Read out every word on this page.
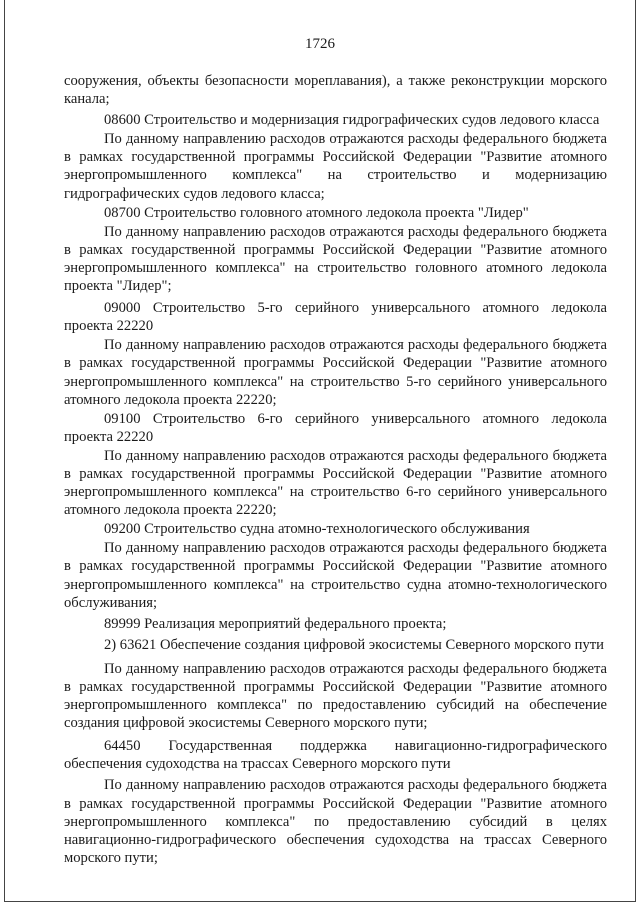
1726

сооружения, объекты безопасности мореплавания), а также реконструкции морского канала;

08600 Строительство и модернизация гидрографических судов ледового класса

По данному направлению расходов отражаются расходы федерального бюджета в рамках государственной программы Российской Федерации "Развитие атомного энергопромышленного комплекса" на строительство и модернизацию гидрографических судов ледового класса;

08700 Строительство головного атомного ледокола проекта "Лидер"

По данному направлению расходов отражаются расходы федерального бюджета в рамках государственной программы Российской Федерации "Развитие атомного энергопромышленного комплекса" на строительство головного атомного ледокола проекта "Лидер";

09000 Строительство 5-го серийного универсального атомного ледокола проекта 22220

По данному направлению расходов отражаются расходы федерального бюджета в рамках государственной программы Российской Федерации "Развитие атомного энергопромышленного комплекса" на строительство 5-го серийного универсального атомного ледокола проекта 22220;

09100 Строительство 6-го серийного универсального атомного ледокола проекта 22220

По данному направлению расходов отражаются расходы федерального бюджета в рамках государственной программы Российской Федерации "Развитие атомного энергопромышленного комплекса" на строительство 6-го серийного универсального атомного ледокола проекта 22220;

09200 Строительство судна атомно-технологического обслуживания

По данному направлению расходов отражаются расходы федерального бюджета в рамках государственной программы Российской Федерации "Развитие атомного энергопромышленного комплекса" на строительство судна атомно-технологического обслуживания;

89999 Реализация мероприятий федерального проекта;

2) 63621 Обеспечение создания цифровой экосистемы Северного морского пути

По данному направлению расходов отражаются расходы федерального бюджета в рамках государственной программы Российской Федерации "Развитие атомного энергопромышленного комплекса" по предоставлению субсидий на обеспечение создания цифровой экосистемы Северного морского пути;

64450 Государственная поддержка навигационно-гидрографического обеспечения судоходства на трассах Северного морского пути

По данному направлению расходов отражаются расходы федерального бюджета в рамках государственной программы Российской Федерации "Развитие атомного энергопромышленного комплекса" по предоставлению субсидий в целях навигационно-гидрографического обеспечения судоходства на трассах Северного морского пути;
